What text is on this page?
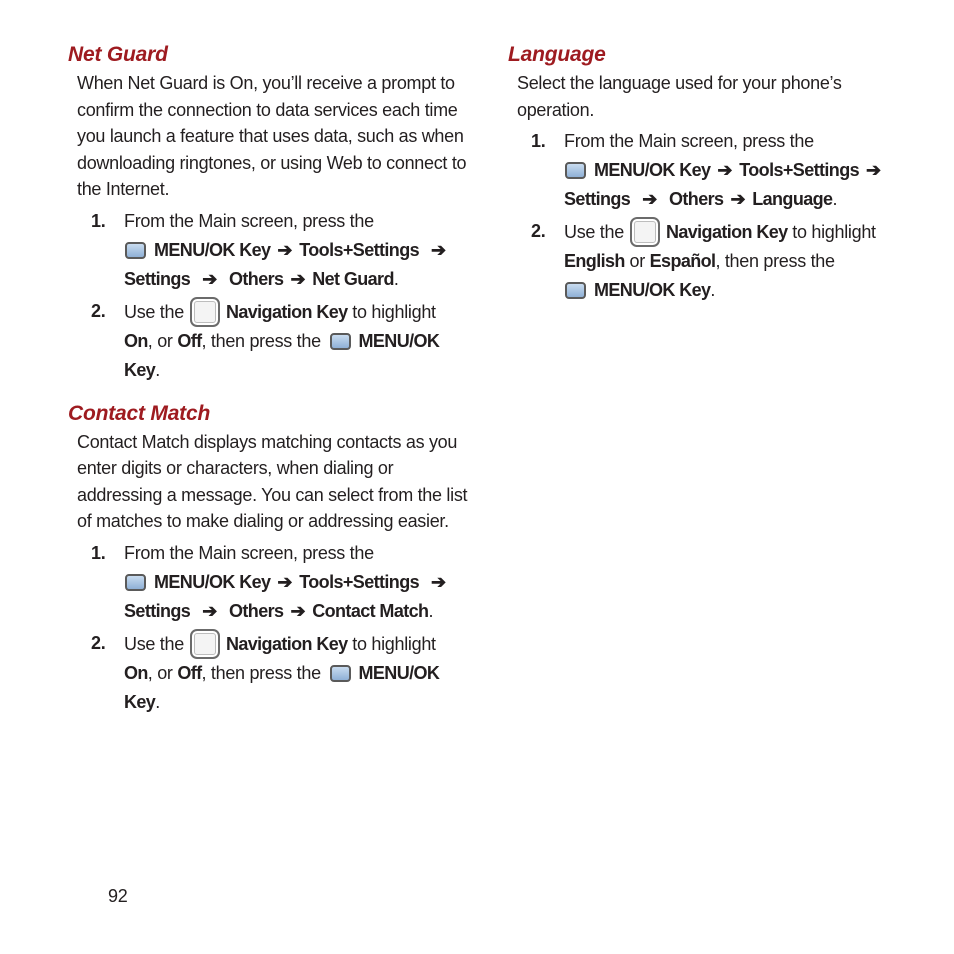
Net Guard

When Net Guard is On, you’ll receive a prompt to confirm the connection to data services each time you launch a feature that uses data, such as when downloading ringtones, or using Web to connect to the Internet.

1. From the Main screen, press the
MENU/OK Key ➔ Tools+Settings ➔
Settings ➔ Others ➔ Net Guard.
2. Use the Navigation Key to highlight
On, or Off, then press the MENU/OK Key.
Contact Match

Contact Match displays matching contacts as you enter digits or characters, when dialing or addressing a message. You can select from the list of matches to make dialing or addressing easier.

1. From the Main screen, press the
MENU/OK Key ➔ Tools+Settings ➔
Settings ➔ Others ➔ Contact Match.
2. Use the Navigation Key to highlight
On, or Off, then press the MENU/OK Key.
Language

Select the language used for your phone’s operation.

1. From the Main screen, press the
MENU/OK Key ➔ Tools+Settings ➔
Settings ➔ Others ➔ Language.
2. Use the Navigation Key to highlight
English or Español, then press the
MENU/OK Key.
92
